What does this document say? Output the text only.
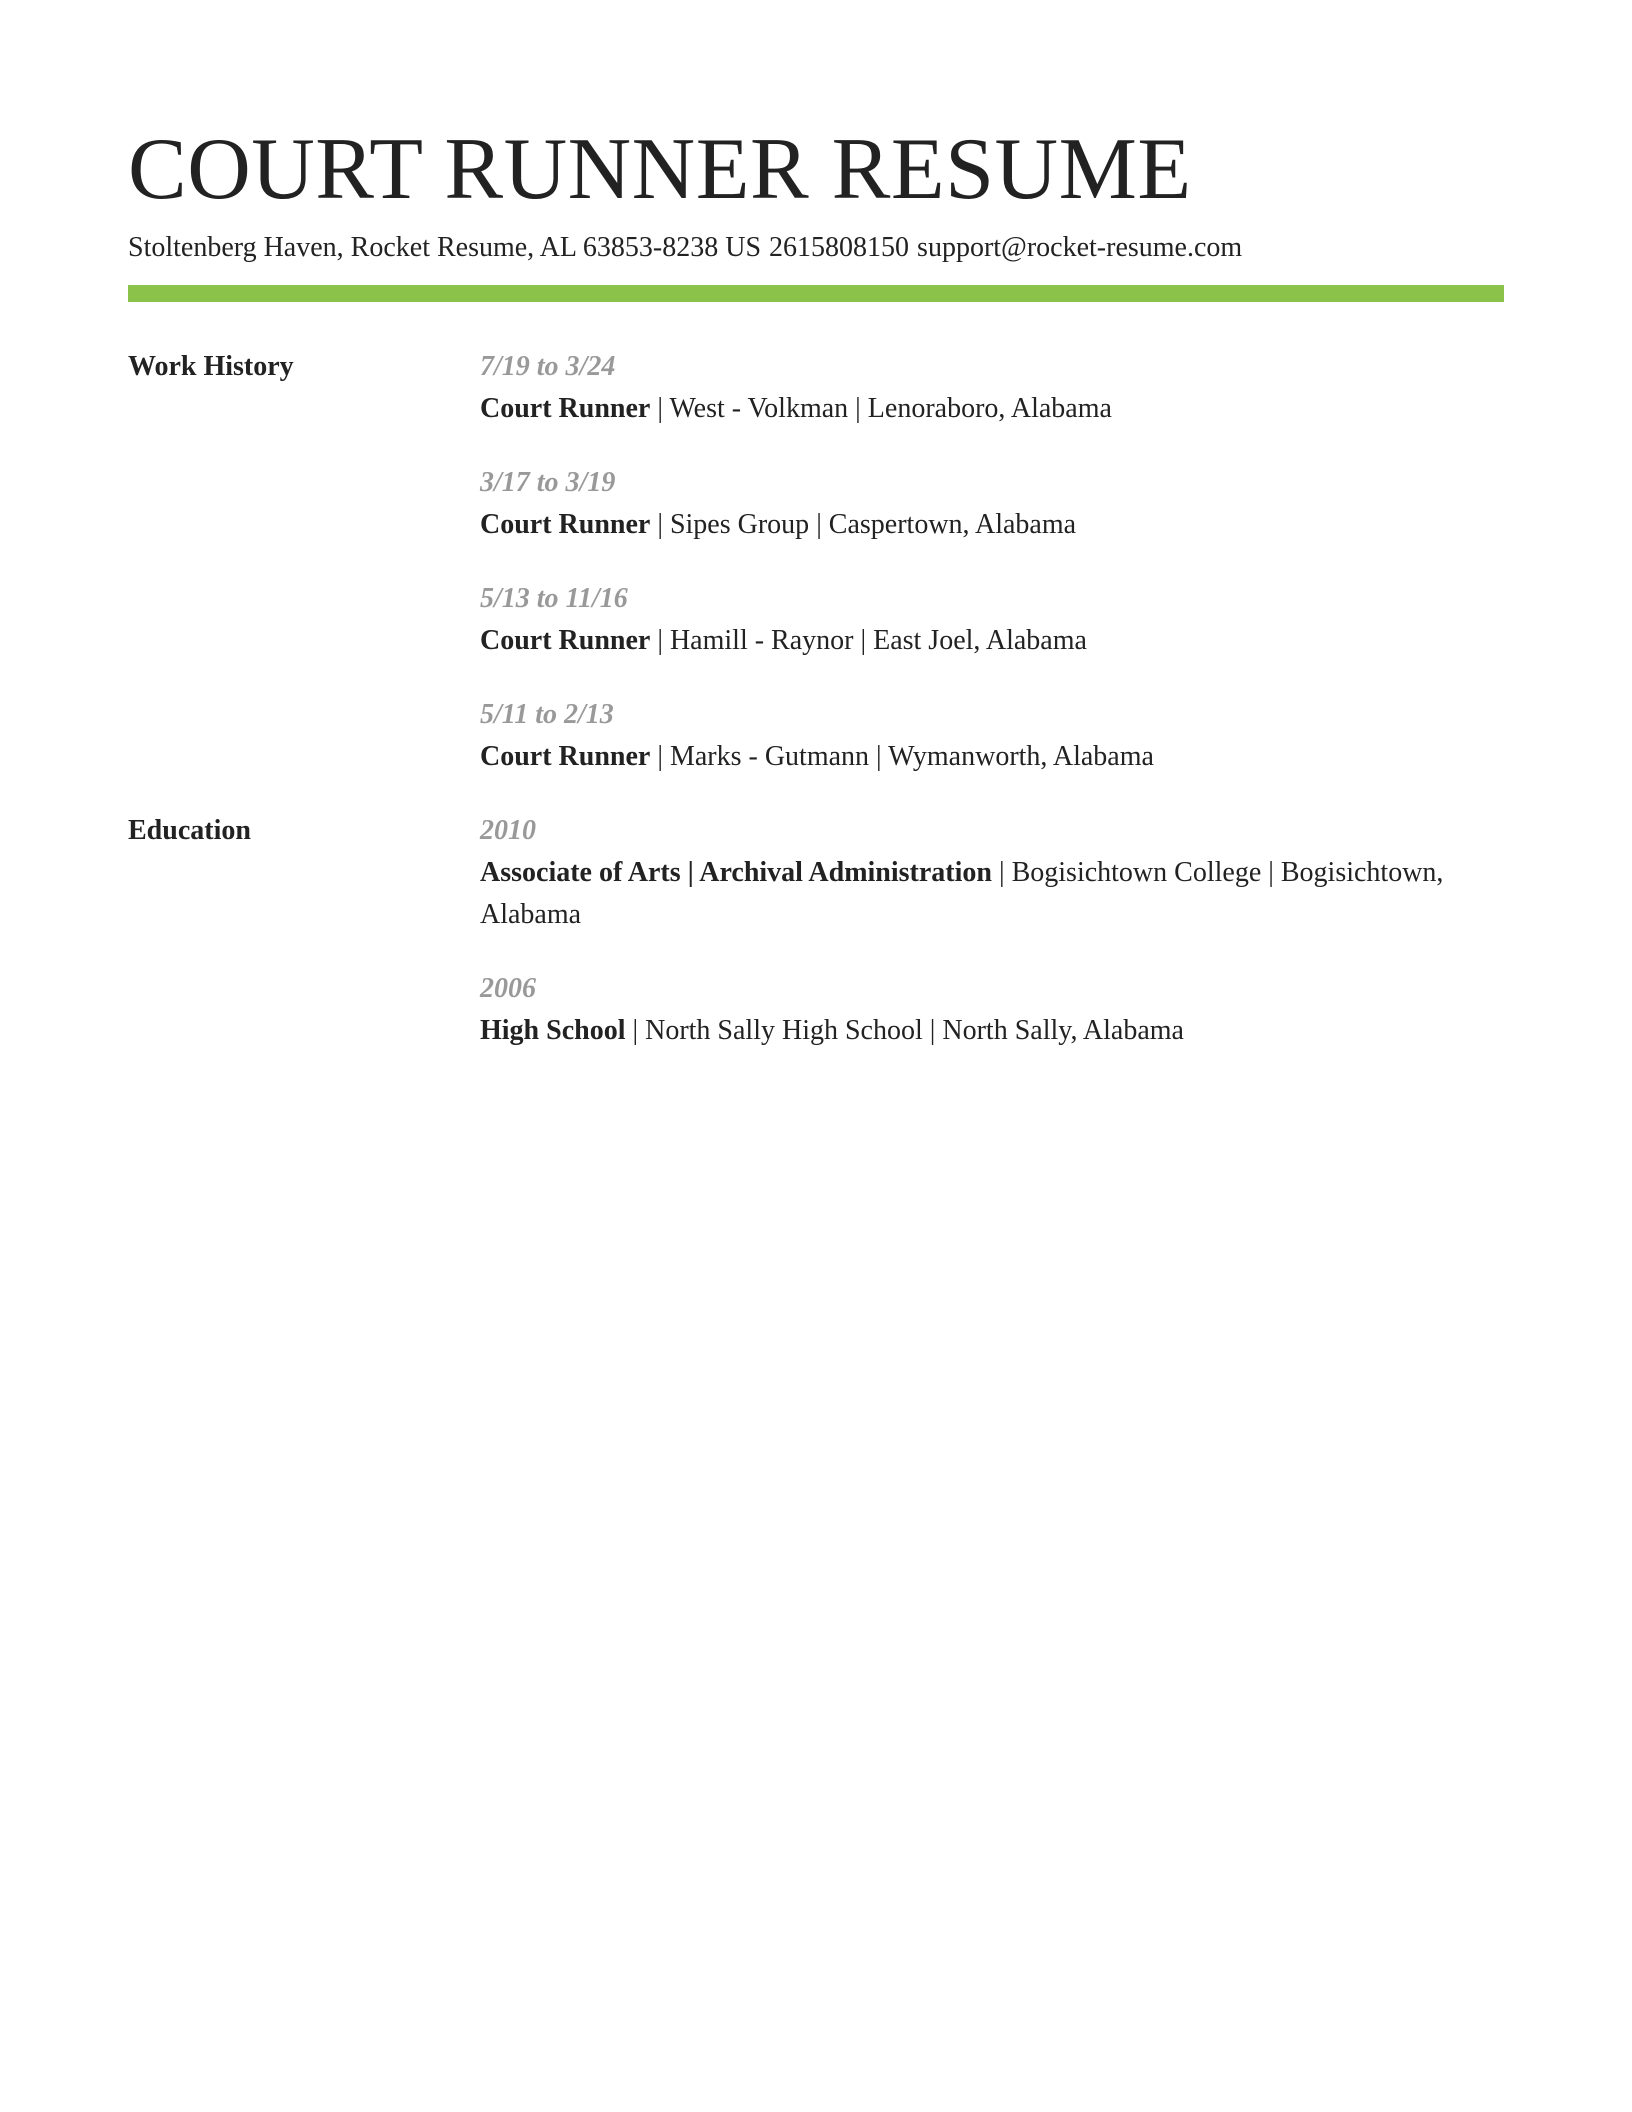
COURT RUNNER RESUME
Stoltenberg Haven, Rocket Resume, AL 63853-8238 US 2615808150 support@rocket-resume.com
Work History	7/19 to 3/24
Court Runner | West - Volkman | Lenoraboro, Alabama
3/17 to 3/19
Court Runner | Sipes Group | Caspertown, Alabama
5/13 to 11/16
Court Runner | Hamill - Raynor | East Joel, Alabama
5/11 to 2/13
Court Runner | Marks - Gutmann | Wymanworth, Alabama
Education	2010
Associate of Arts | Archival Administration | Bogisichtown College | Bogisichtown, Alabama
2006
High School | North Sally High School | North Sally, Alabama
